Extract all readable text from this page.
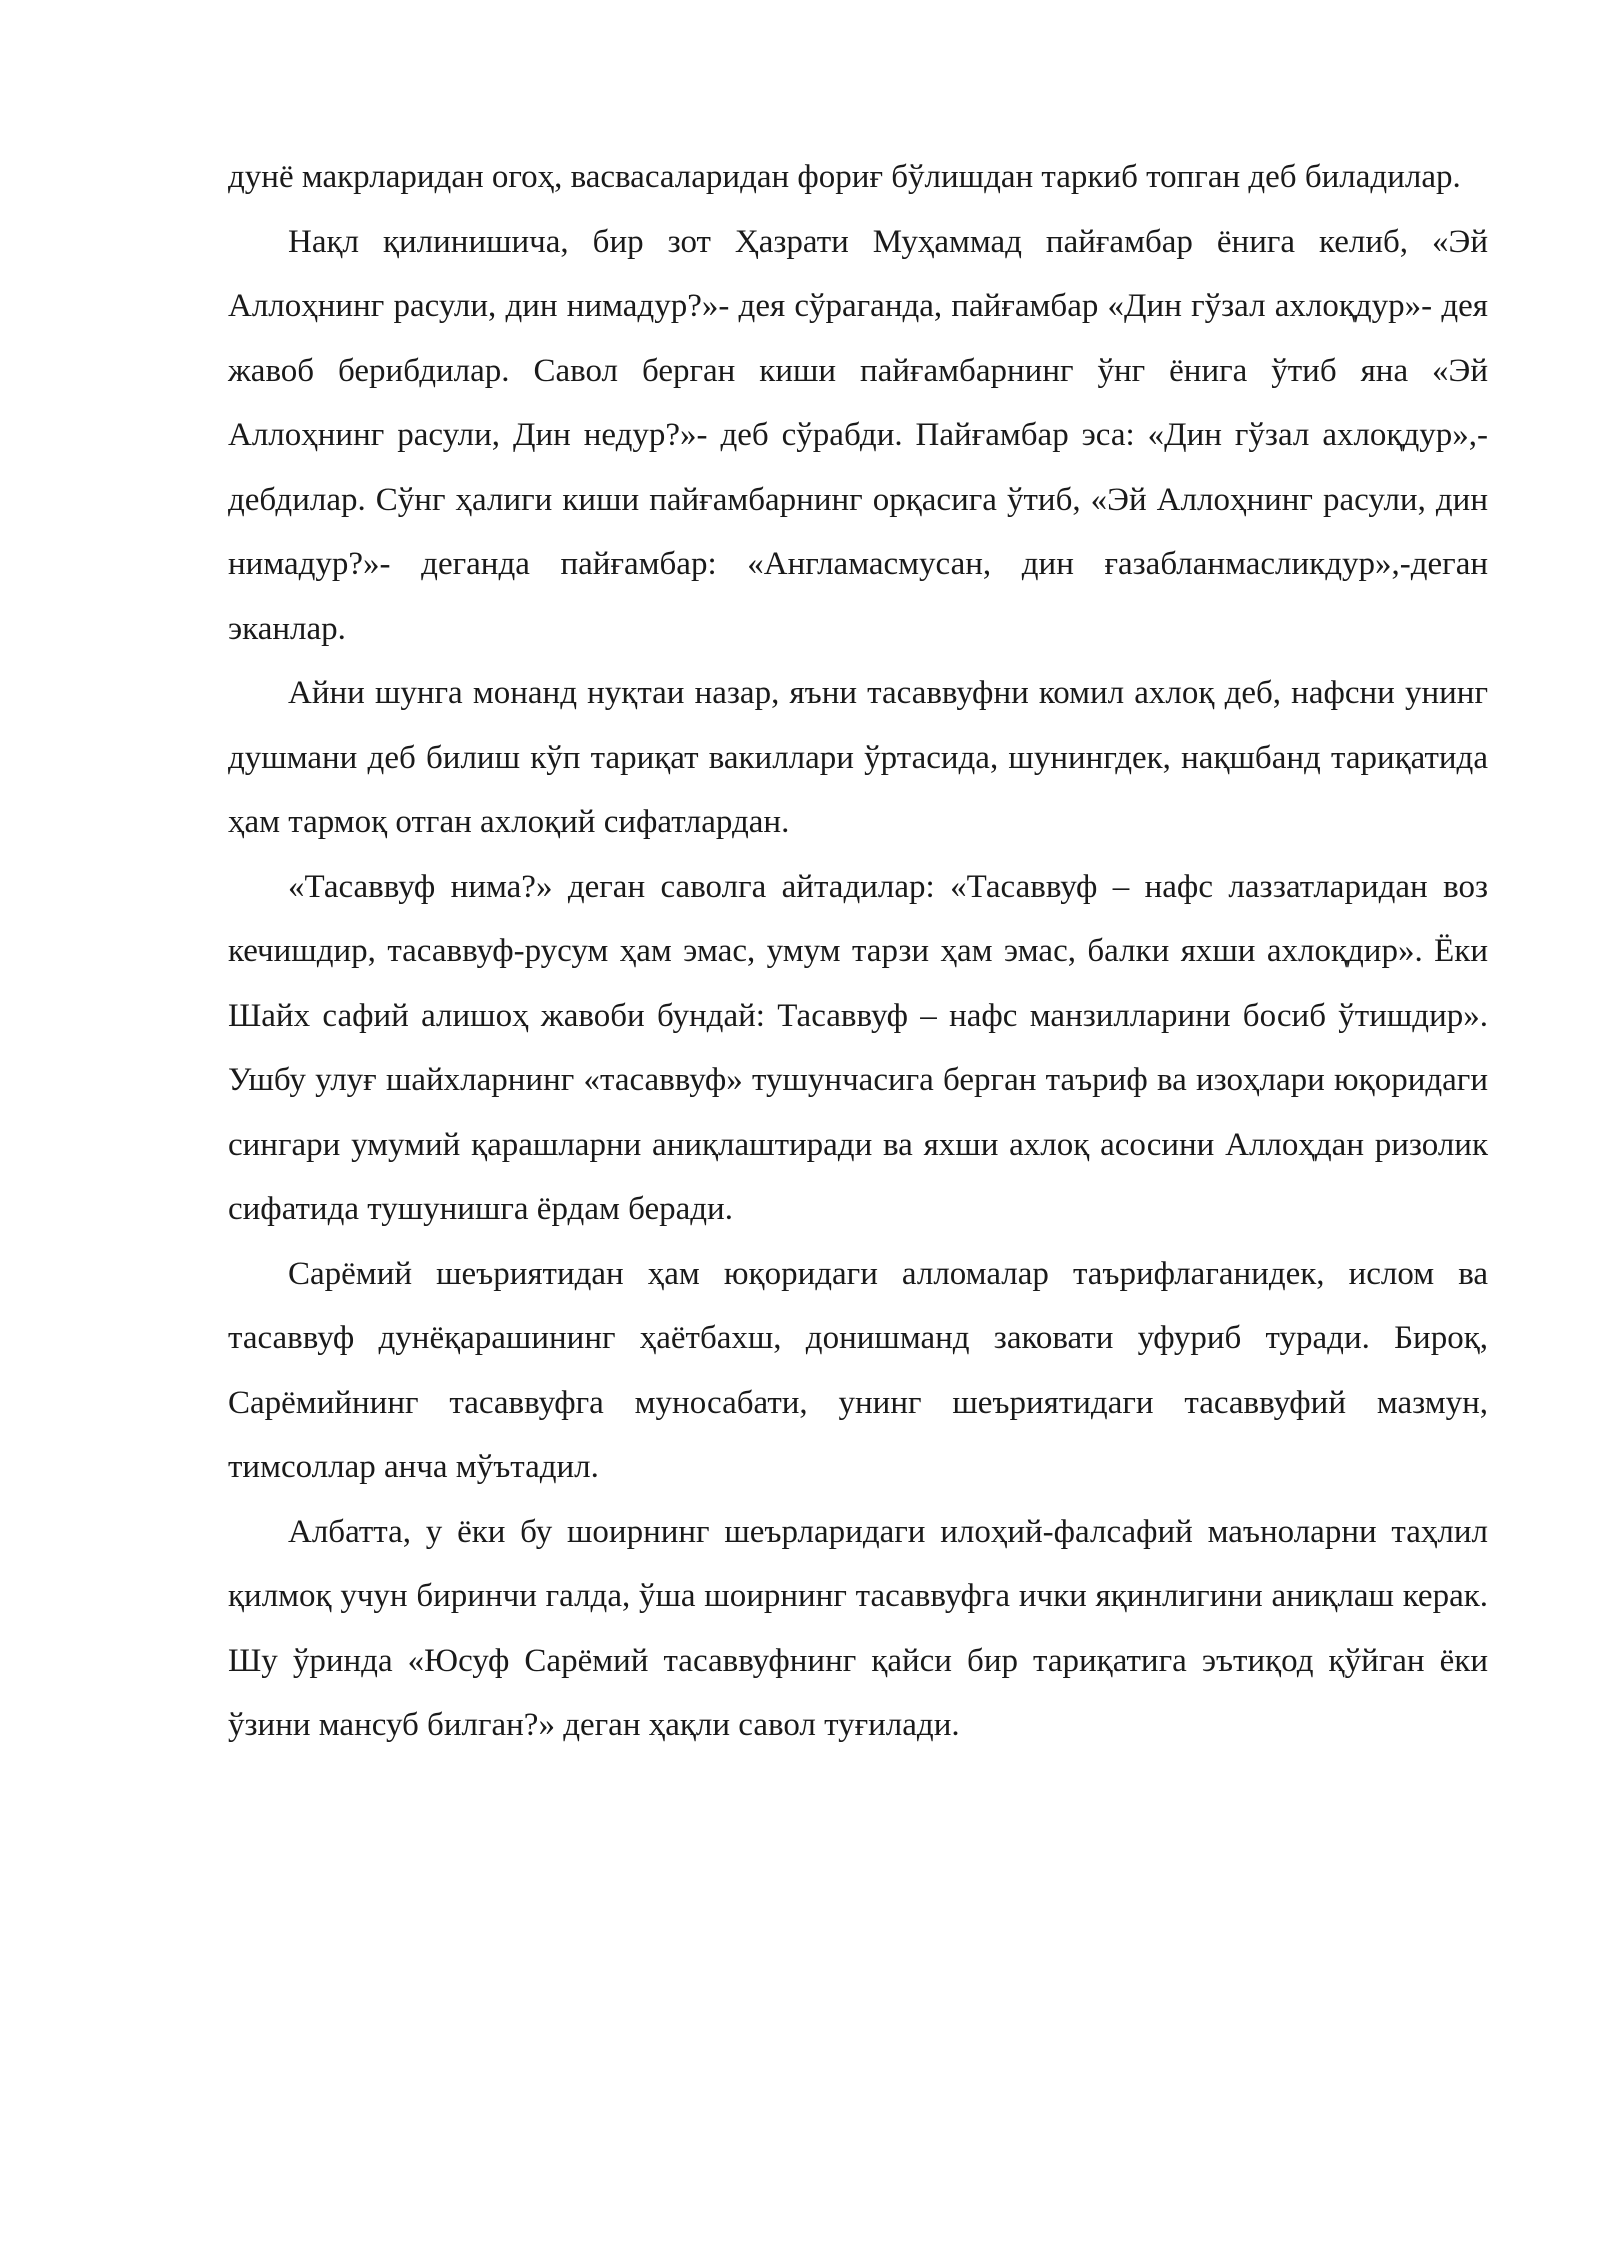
дунё макрларидан огоҳ, васвасаларидан фориғ бўлишдан таркиб топган деб биладилар.

Нақл қилинишича, бир зот Ҳазрати Муҳаммад пайғамбар ёнига келиб, «Эй Аллоҳнинг расули, дин нимадур?»- дея сўраганда, пайғамбар «Дин гўзал ахлоқдур»- дея жавоб берибдилар. Савол берган киши пайғамбарнинг ўнг ёнига ўтиб яна «Эй Аллоҳнинг расули, Дин недур?»- деб сўрабди. Пайғамбар эса: «Дин гўзал ахлоқдур»,- дебдилар. Сўнг ҳалиги киши пайғамбарнинг орқасига ўтиб, «Эй Аллоҳнинг расули, дин нимадур?»- деганда пайғамбар: «Англамасмусан, дин ғазабланмасликдур»,-деган эканлар.

Айни шунга монанд нуқтаи назар, яъни тасаввуфни комил ахлоқ деб, нафсни унинг душмани деб билиш кўп тариқат вакиллари ўртасида, шунингдек, нақшбанд тариқатида ҳам тармоқ отган ахлоқий сифатлардан.

«Тасаввуф нима?» деган саволга айтадилар: «Тасаввуф – нафс лаззатларидан воз кечишдир, тасаввуф-русум ҳам эмас, умум тарзи ҳам эмас, балки яхши ахлоқдир». Ёки Шайх сафий алишоҳ жавоби бундай: Тасаввуф – нафс манзилларини босиб ўтишдир». Ушбу улуғ шайхларнинг «тасаввуф» тушунчасига берган таъриф ва изоҳлари юқоридаги сингари умумий қарашларни аниқлаштиради ва яхши ахлоқ асосини Аллоҳдан ризолик сифатида тушунишга ёрдам беради.

Сарёмий шеъриятидан ҳам юқоридаги алломалар таърифлаганидек, ислом ва тасаввуф дунёқарашининг ҳаётбахш, донишманд заковати уфуриб туради. Бироқ, Сарёмийнинг тасаввуфга муносабати, унинг шеъриятидаги тасаввуфий мазмун, тимсоллар анча мўътадил.

Албатта, у ёки бу шоирнинг шеърларидаги илоҳий-фалсафий маъноларни таҳлил қилмоқ учун биринчи галда, ўша шоирнинг тасаввуфга ички яқинлигини аниқлаш керак. Шу ўринда «Юсуф Сарёмий тасаввуфнинг қайси бир тариқатига эътиқод қўйган ёки ўзини мансуб билган?» деган ҳақли савол туғилади.
